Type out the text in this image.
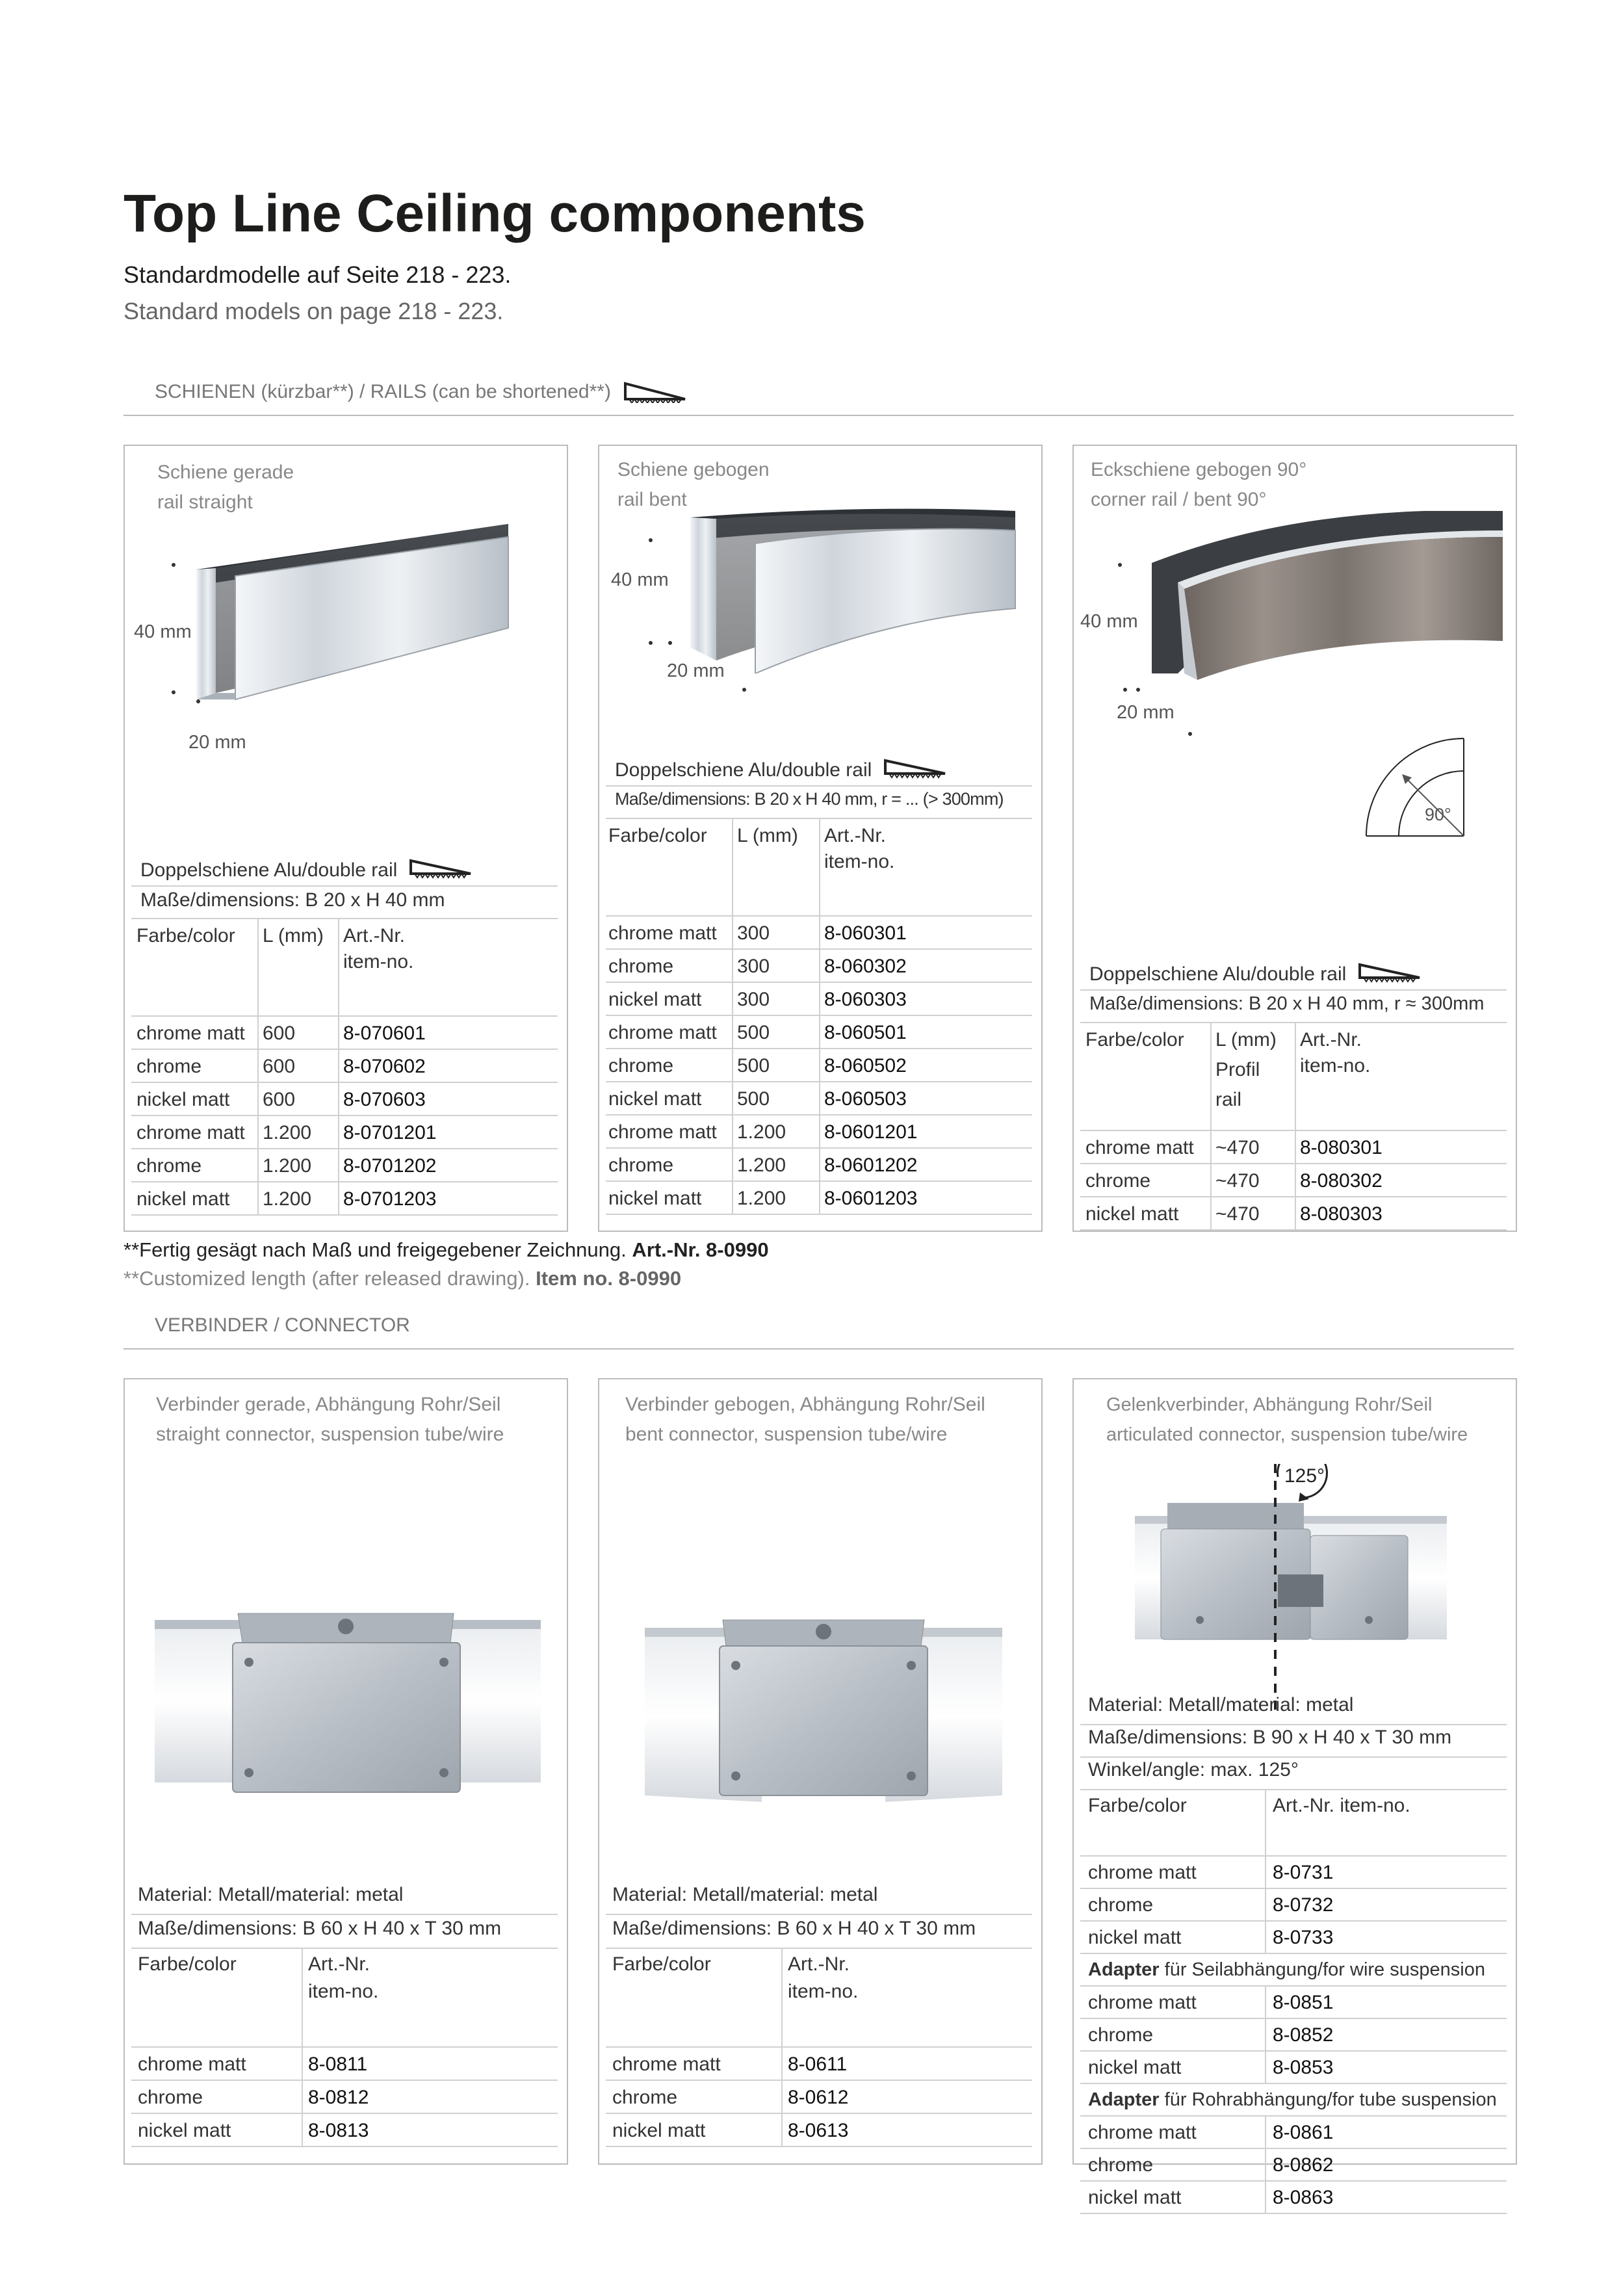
Top Line Ceiling components
Standardmodelle auf Seite 218 - 223.
Standard models on page 218 - 223.
SCHIENEN (kürzbar**) / RAILS (can be shortened**)
Schiene gerade
rail straight
40 mm
20 mm
Doppelschiene Alu/double rail
Maße/dimensions: B 20 x H 40 mm
Farbe/color L (mm) Art.-Nr.
item-no.
chrome matt 600 8-070601
chrome	600 8-070602
nickel matt 600 8-070603
chrome matt 1.200 8-0701201
chrome	1.200 8-0701202
nickel matt 1.200 8-0701203
Schiene gebogen
rail bent
40 mm
20 mm
Doppelschiene Alu/double rail
Maße/dimensions: B 20 x H 40 mm, r = ... (> 300mm)
Farbe/color L (mm) Art.-Nr.
item-no.
chrome matt 300	8-060301
chrome	300	8-060302
nickel matt 300	8-060303
chrome matt 500	8-060501
chrome	500	8-060502
nickel matt 500	8-060503
chrome matt 1.200 8-0601201
chrome	1.200 8-0601202
nickel matt 1.200 8-0601203
Eckschiene gebogen 90°
corner rail / bent 90°
40 mm
20 mm
90°
Doppelschiene Alu/double rail
Maße/dimensions: B 20 x H 40 mm, r ≈ 300mm
Farbe/color L (mm)
Profil
rail
Art.-Nr.
item-no.
chrome matt ~470 8-080301
chrome	~470 8-080302
nickel matt ~470 8-080303
**Fertig gesägt nach Maß und freigegebener Zeichnung. Art.-Nr. 8-0990
**Customized length (after released drawing). Item no. 8-0990
VERBINDER / CONNECTOR
Verbinder gerade, Abhängung Rohr/Seil
straight connector, suspension tube/wire
Material: Metall/material: metal
Maße/dimensions: B 60 x H 40 x T 30 mm
Farbe/color	Art.-Nr.
item-no.
chrome matt	8-0811
chrome	8-0812
nickel matt	8-0813
Verbinder gebogen, Abhängung Rohr/Seil
bent connector, suspension tube/wire
Material: Metall/material: metal
Maße/dimensions: B 60 x H 40 x T 30 mm
Farbe/color	Art.-Nr.
item-no.
chrome matt	8-0611
chrome	8-0612
nickel matt	8-0613
Gelenkverbinder, Abhängung Rohr/Seil
articulated connector, suspension tube/wire
125°
Material: Metall/material: metal
Maße/dimensions: B 90 x H 40 x T 30 mm
Winkel/angle: max. 125°
Farbe/color	Art.-Nr. item-no.
chrome matt	8-0731
chrome	8-0732
nickel matt	8-0733
Adapter für Seilabhängung/for wire suspension
chrome matt	8-0851
chrome	8-0852
nickel matt	8-0853
Adapter für Rohrabhängung/for tube suspension
chrome matt	8-0861
chrome	8-0862
nickel matt	8-0863
